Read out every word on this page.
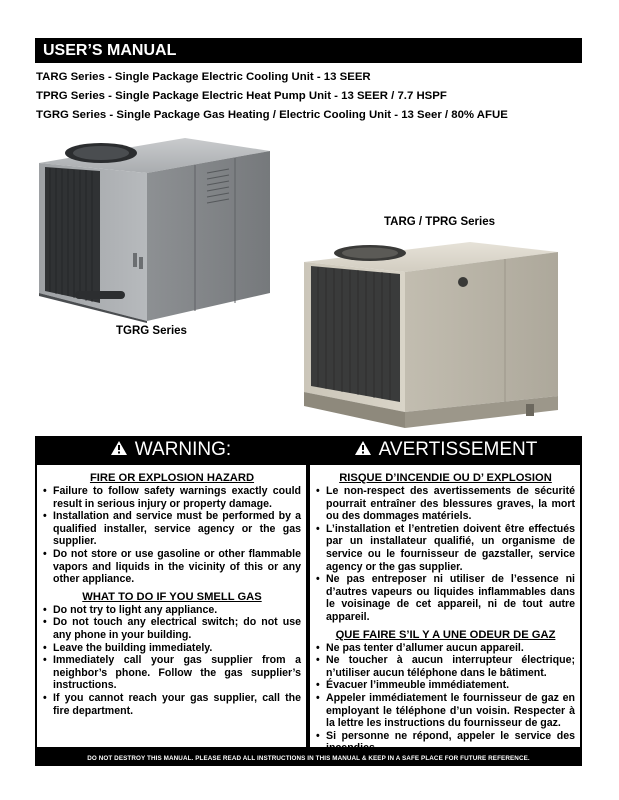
USER’S MANUAL
TARG Series - Single Package Electric Cooling Unit - 13 SEER
TPRG Series - Single Package Electric Heat Pump Unit - 13 SEER / 7.7 HSPF
TGRG Series - Single Package Gas Heating / Electric Cooling Unit - 13 Seer / 80% AFUE
TGRG Series
TARG / TPRG Series
WARNING:	AVERTISSEMENT
FIRE OR EXPLOSION HAZARD
• Failure to follow safety warnings exactly could result in serious injury or property damage.
• Installation and service must be performed by a qualified installer, service agency or the gas supplier.
• Do not store or use gasoline or other flammable vapors and liquids in the vicinity of this or any other appliance.
WHAT TO DO IF YOU SMELL GAS
• Do not try to light any appliance.
• Do not touch any electrical switch; do not use any phone in your building.
• Leave the building immediately.
• Immediately call your gas supplier from a neighbor’s phone. Follow the gas supplier’s instructions.
• If you cannot reach your gas supplier, call the fire department.
RISQUE D’INCENDIE OU D’ EXPLOSION
• Le non-respect des avertissements de sécurité pourrait entraîner des blessures graves, la mort ou des dommages matériels.
• L’installation et l’entretien doivent être effectués par un installateur qualifié, un organisme de service ou le fournisseur de gazstaller, service agency or the gas supplier.
• Ne pas entreposer ni utiliser de l’essence ni d’autres vapeurs ou liquides inflammables dans le voisinage de cet appareil, ni de tout autre appareil.
QUE FAIRE S’IL Y A UNE ODEUR DE GAZ
• Ne pas tenter d’allumer aucun appareil.
• Ne toucher à aucun interrupteur électrique; n’utiliser aucun téléphone dans le bâtiment.
• Évacuer l’immeuble immédiatement.
• Appeler immédiatement le fournisseur de gaz en employant le téléphone d’un voisin. Respecter à la lettre les instructions du fournisseur de gaz.
• Si personne ne répond, appeler le service des incendies.
DO NOT DESTROY THIS MANUAL. PLEASE READ ALL INSTRUCTIONS IN THIS MANUAL & KEEP IN A SAFE PLACE FOR FUTURE REFERENCE.
